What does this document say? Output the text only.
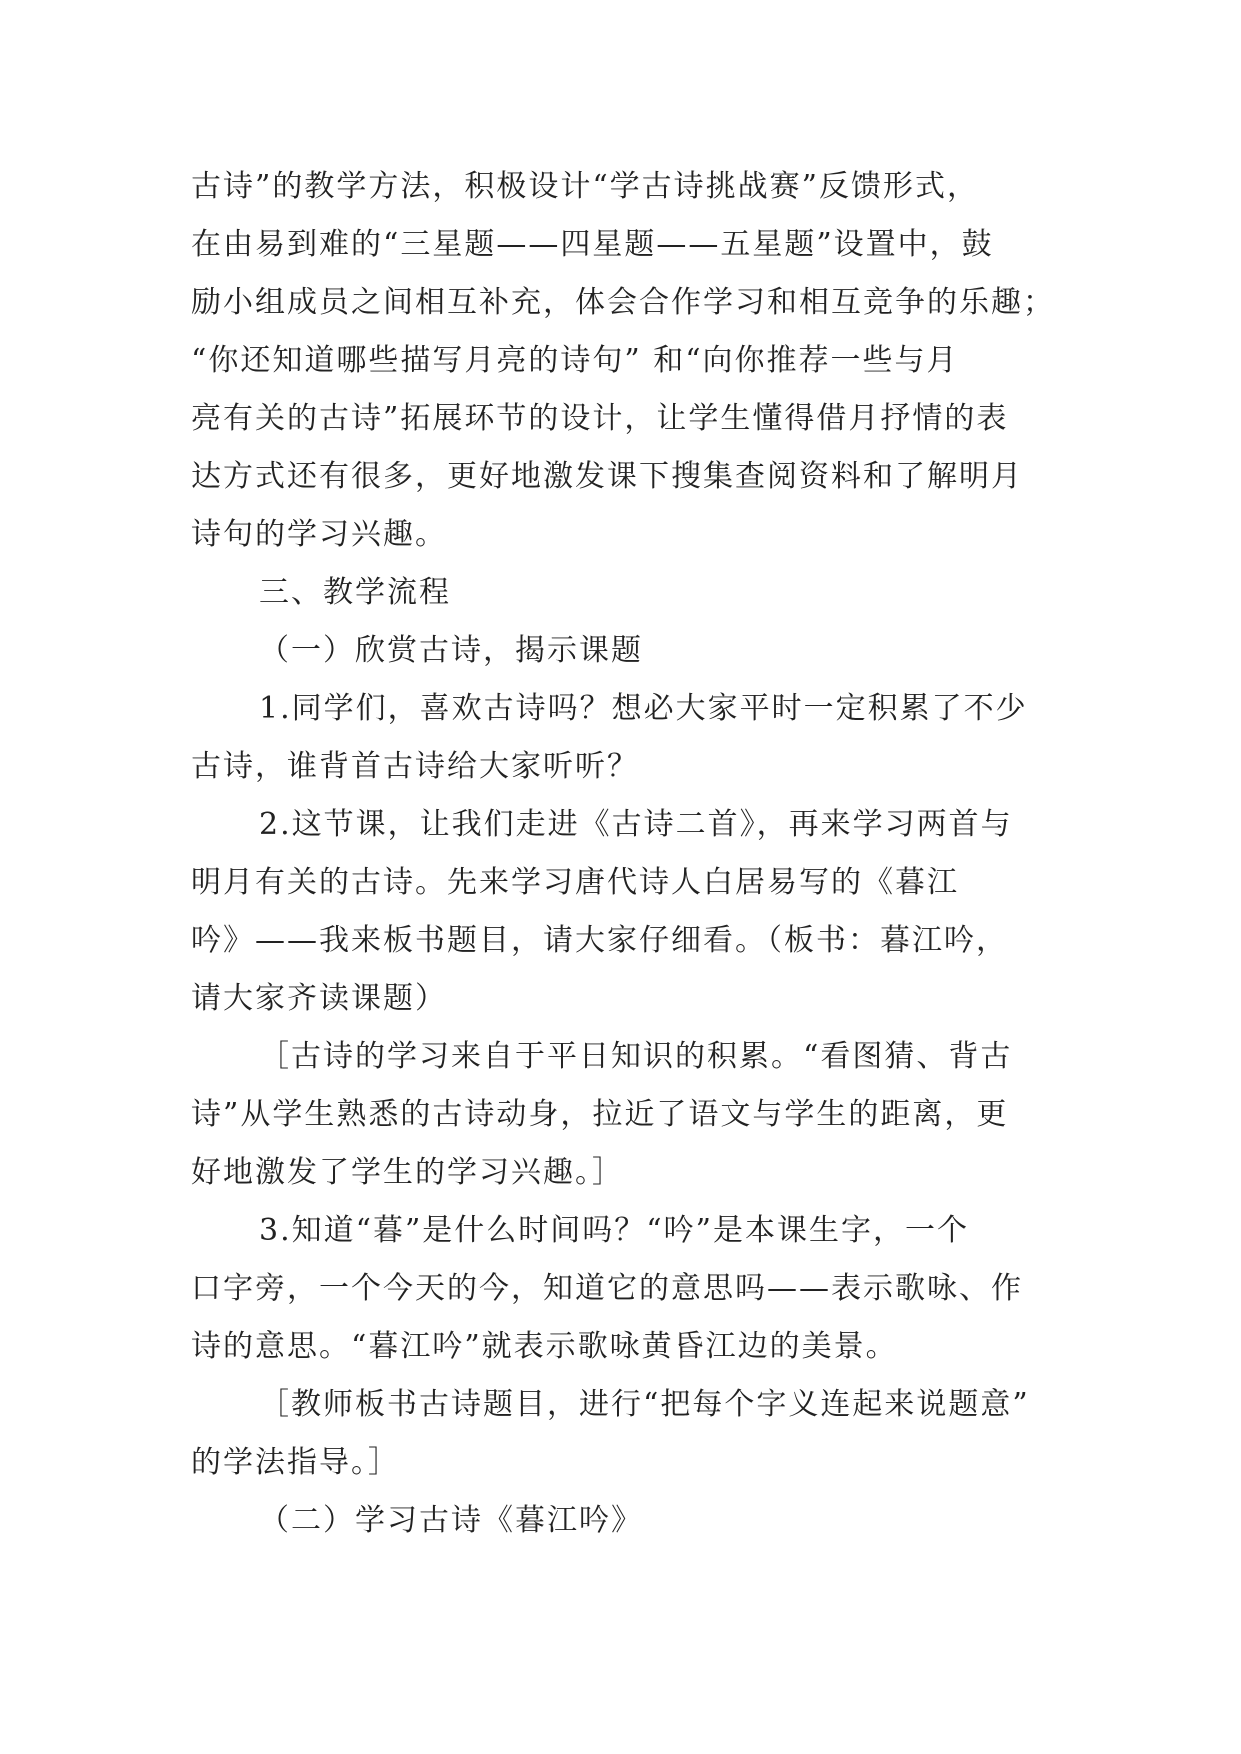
古诗”的教学方法，积极设计“学古诗挑战赛”反馈形式，
在由易到难的“三星题——四星题——五星题”设置中，鼓
励小组成员之间相互补充，体会合作学习和相互竞争的乐趣；
“你还知道哪些描写月亮的诗句” 和“向你推荐一些与月
亮有关的古诗”拓展环节的设计，让学生懂得借月抒情的表
达方式还有很多，更好地激发课下搜集查阅资料和了解明月
诗句的学习兴趣。
三、教学流程
（一）欣赏古诗，揭示课题
1.同学们，喜欢古诗吗？想必大家平时一定积累了不少
古诗，谁背首古诗给大家听听？
2.这节课，让我们走进《古诗二首》，再来学习两首与
明月有关的古诗。先来学习唐代诗人白居易写的《暮江
吟》——我来板书题目，请大家仔细看。（板书：暮江吟，
请大家齐读课题）
［古诗的学习来自于平日知识的积累。“看图猜、背古
诗”从学生熟悉的古诗动身，拉近了语文与学生的距离，更
好地激发了学生的学习兴趣。］
3.知道“暮”是什么时间吗？“吟”是本课生字，一个
口字旁，一个今天的今，知道它的意思吗——表示歌咏、作
诗的意思。“暮江吟”就表示歌咏黄昏江边的美景。
［教师板书古诗题目，进行“把每个字义连起来说题意”
的学法指导。］
（二）学习古诗《暮江吟》
